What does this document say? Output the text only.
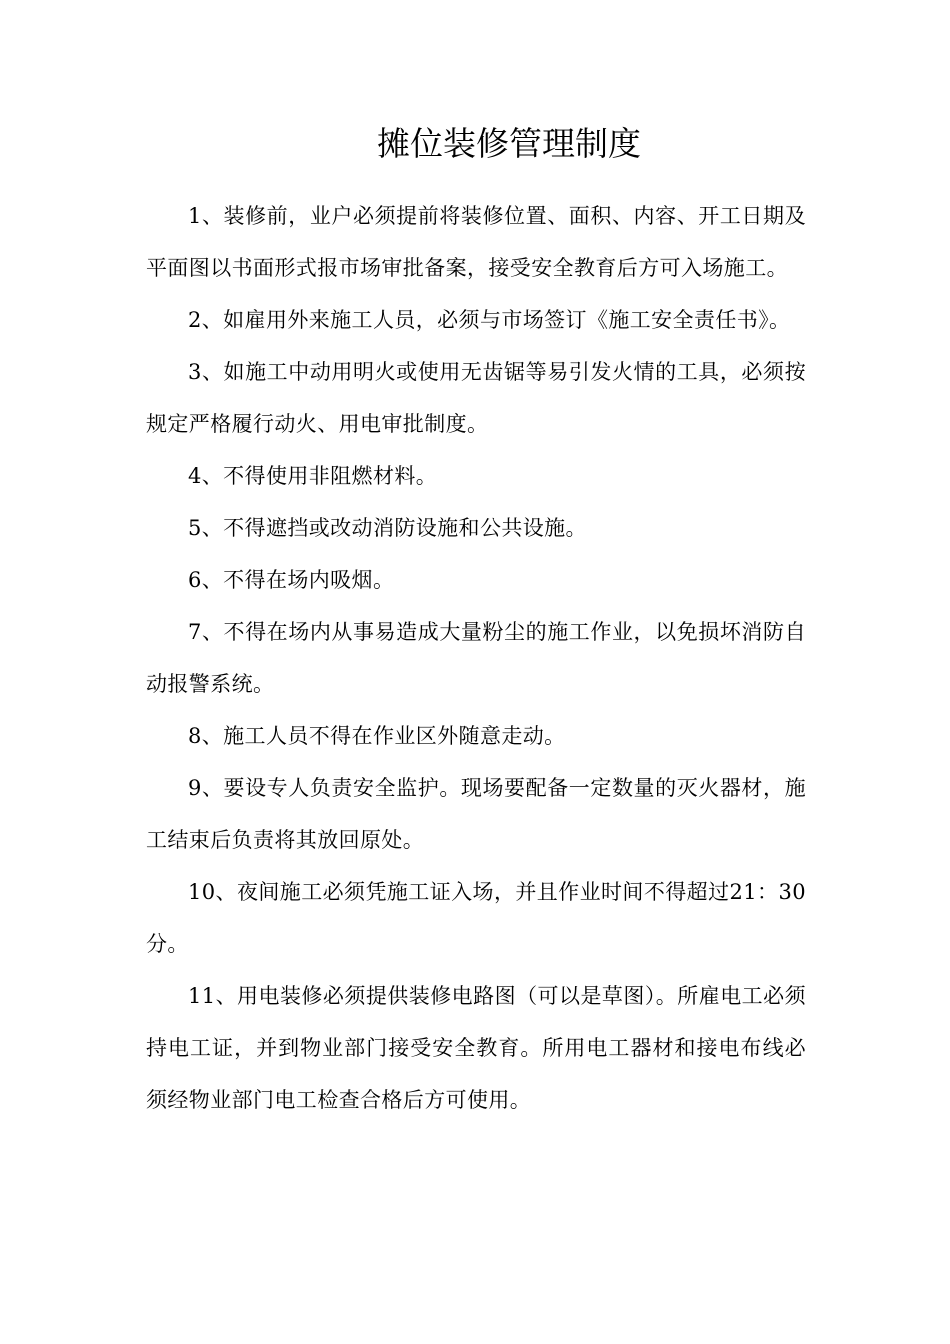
摊位装修管理制度

1、装修前，业户必须提前将装修位置、面积、内容、开工日期及平面图以书面形式报市场审批备案，接受安全教育后方可入场施工。

2、如雇用外来施工人员，必须与市场签订《施工安全责任书》。

3、如施工中动用明火或使用无齿锯等易引发火情的工具，必须按规定严格履行动火、用电审批制度。

4、不得使用非阻燃材料。

5、不得遮挡或改动消防设施和公共设施。

6、不得在场内吸烟。

7、不得在场内从事易造成大量粉尘的施工作业，以免损坏消防自动报警系统。

8、施工人员不得在作业区外随意走动。

9、要设专人负责安全监护。现场要配备一定数量的灭火器材，施工结束后负责将其放回原处。

10、夜间施工必须凭施工证入场，并且作业时间不得超过21：30分。

11、用电装修必须提供装修电路图（可以是草图）。所雇电工必须持电工证，并到物业部门接受安全教育。所用电工器材和接电布线必须经物业部门电工检查合格后方可使用。
